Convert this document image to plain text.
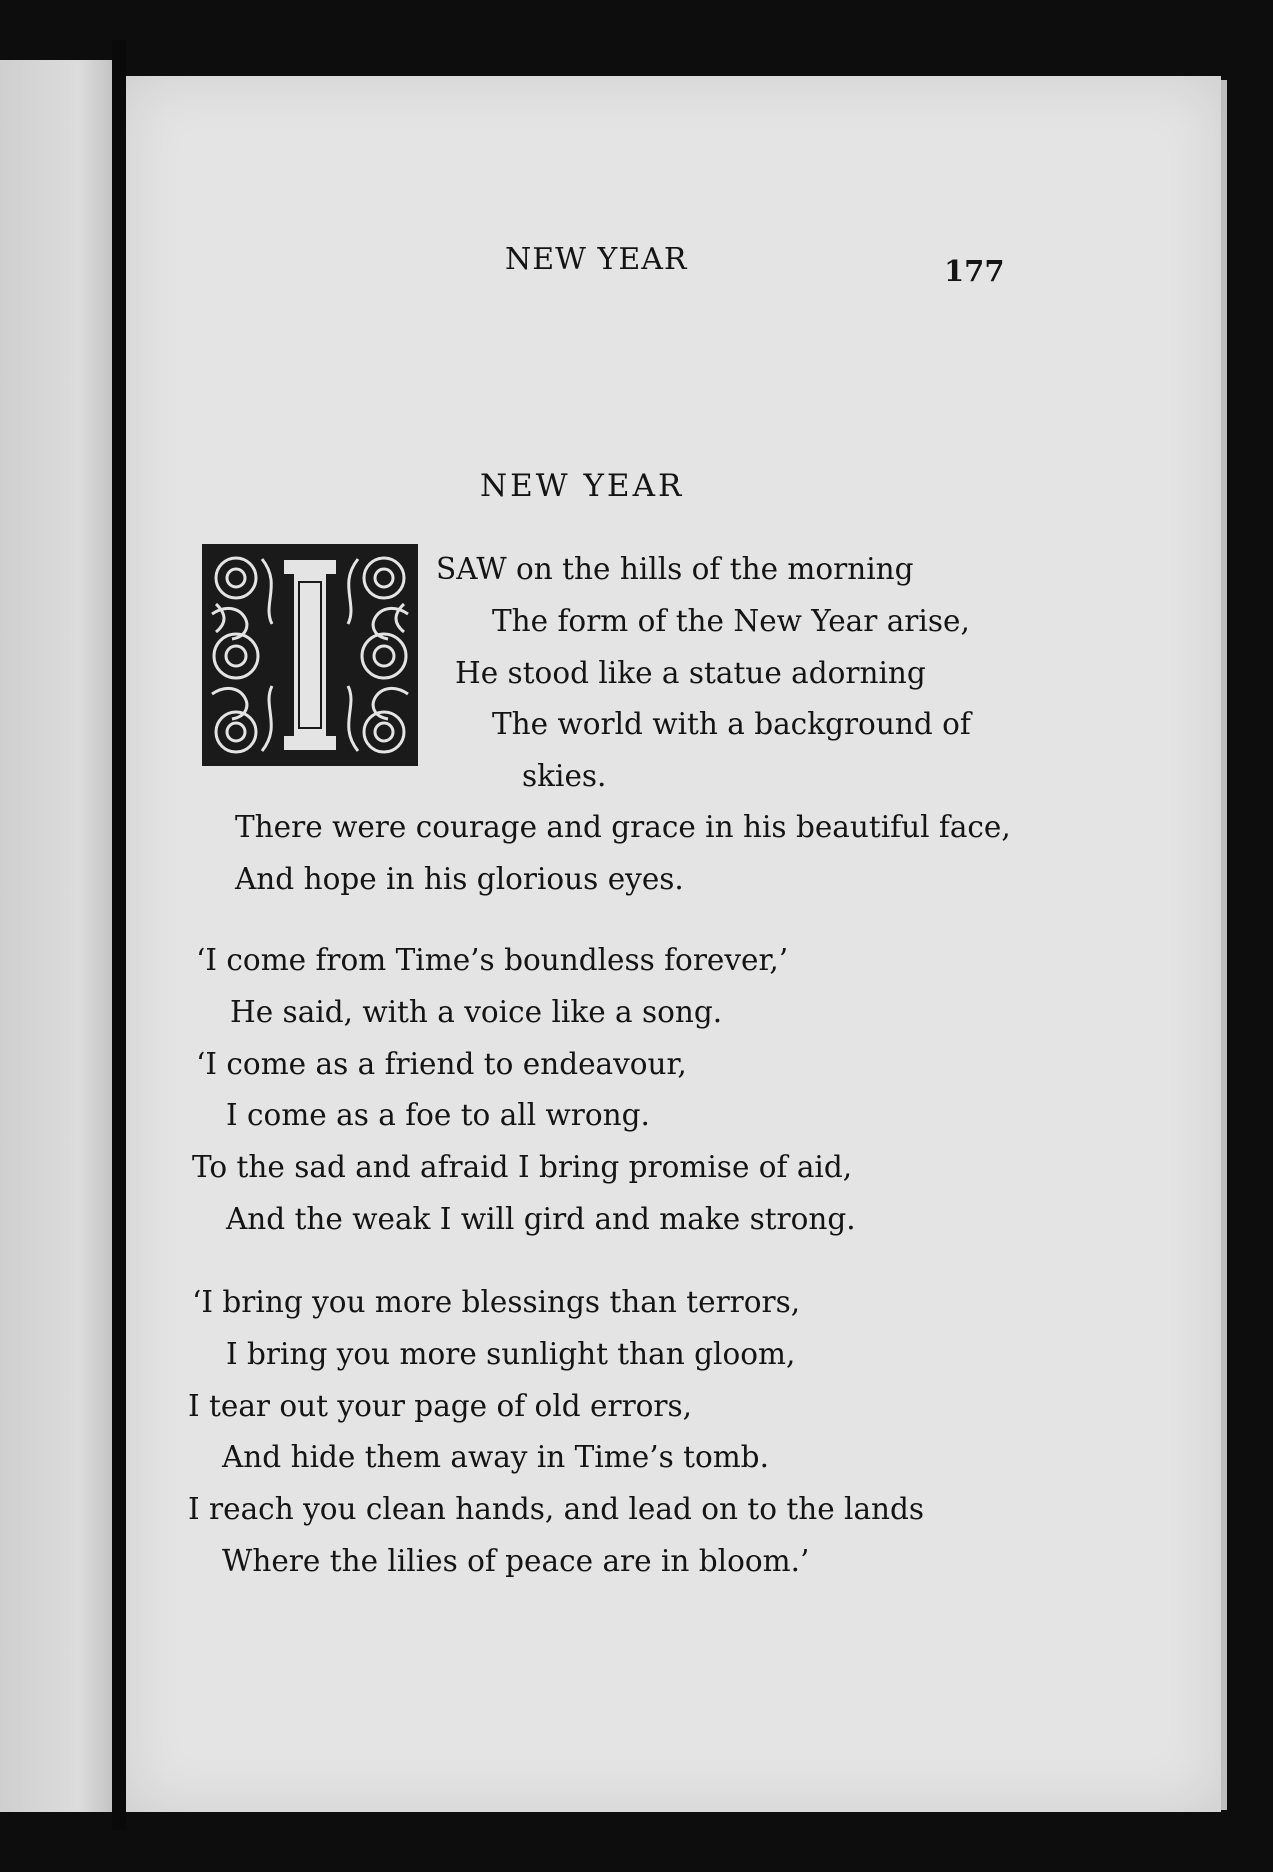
NEW YEAR	177
NEW YEAR
SAW on the hills of the morning
The form of the New Year arise,
He stood like a statue adorning
The world with a background of
skies.
There were courage and grace in his beautiful face,
And hope in his glorious eyes.
‘I come from Time’s boundless forever,’
He said, with a voice like a song.
‘I come as a friend to endeavour,
I come as a foe to all wrong.
To the sad and afraid I bring promise of aid,
And the weak I will gird and make strong.
‘I bring you more blessings than terrors,
I bring you more sunlight than gloom,
I tear out your page of old errors,
And hide them away in Time’s tomb.
I reach you clean hands, and lead on to the lands
Where the lilies of peace are in bloom.’
